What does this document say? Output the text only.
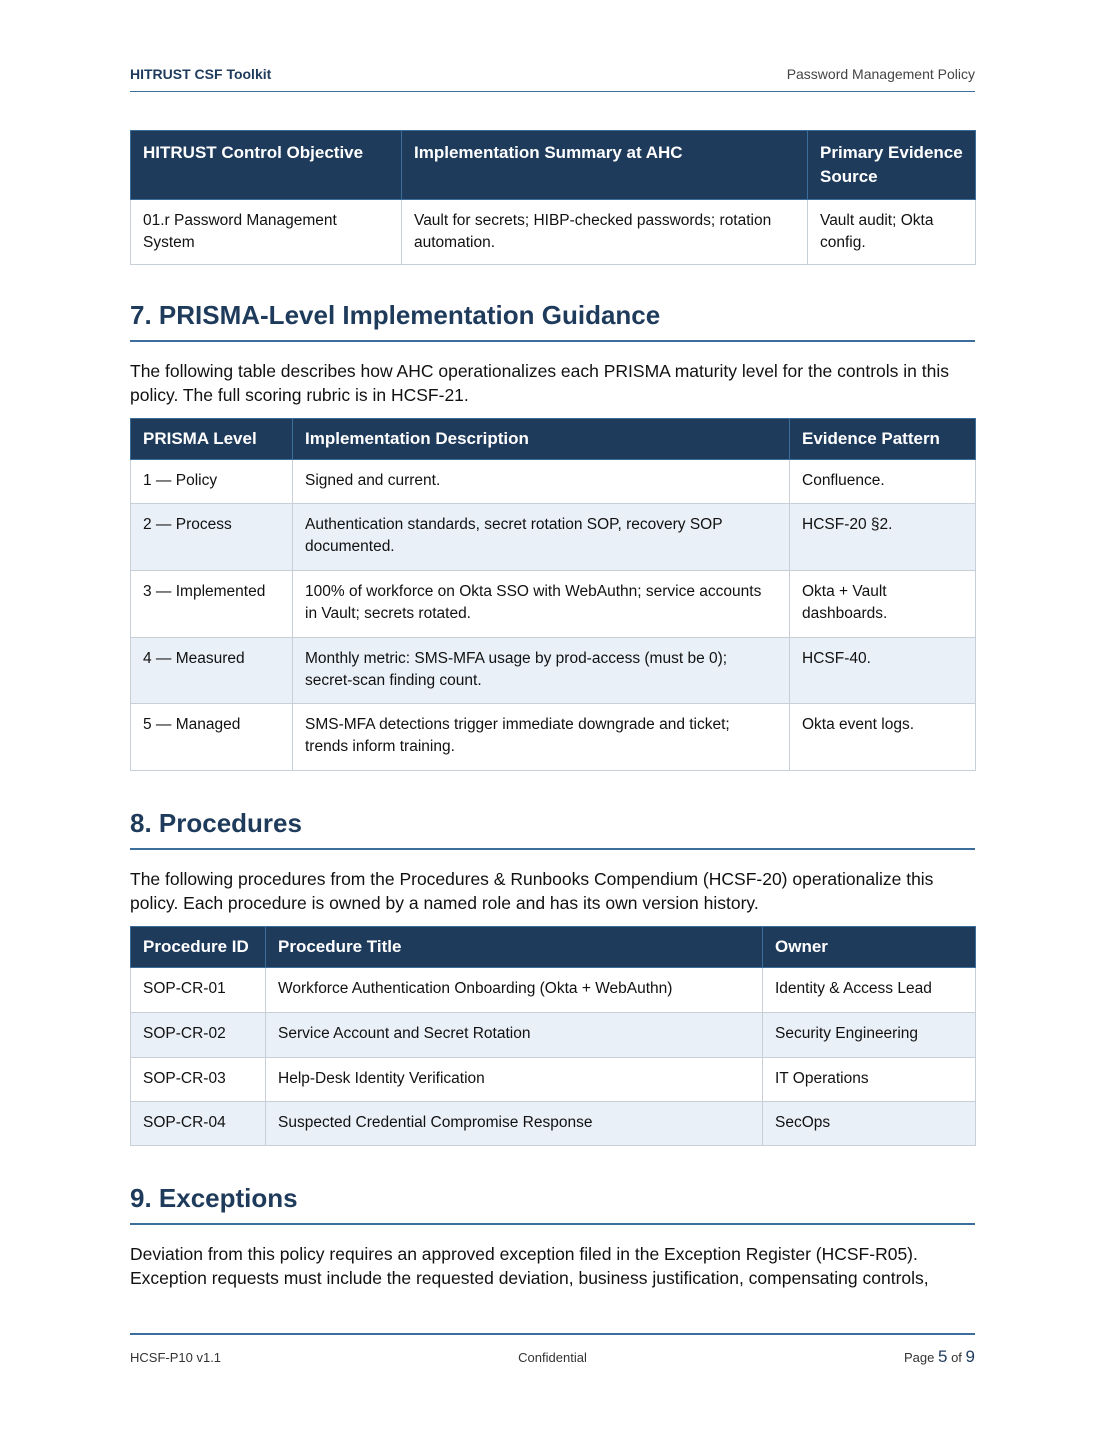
HITRUST CSF Toolkit	Password Management Policy
HITRUST Control Objective	Implementation Summary at AHC	Primary Evidence Source
01.r Password Management System	Vault for secrets; HIBP-checked passwords; rotation automation.	Vault audit; Okta config.
7. PRISMA-Level Implementation Guidance

The following table describes how AHC operationalizes each PRISMA maturity level for the controls in this policy. The full scoring rubric is in HCSF-21.

PRISMA Level	Implementation Description	Evidence Pattern
1 — Policy	Signed and current.	Confluence.
2 — Process	Authentication standards, secret rotation SOP, recovery SOP documented.	HCSF-20 §2.
3 — Implemented	100% of workforce on Okta SSO with WebAuthn; service accounts in Vault; secrets rotated.	Okta + Vault dashboards.
4 — Measured	Monthly metric: SMS-MFA usage by prod-access (must be 0); secret-scan finding count.	HCSF-40.
5 — Managed	SMS-MFA detections trigger immediate downgrade and ticket; trends inform training.	Okta event logs.
8. Procedures

The following procedures from the Procedures & Runbooks Compendium (HCSF-20) operationalize this policy. Each procedure is owned by a named role and has its own version history.

Procedure ID	Procedure Title	Owner
SOP-CR-01	Workforce Authentication Onboarding (Okta + WebAuthn)	Identity & Access Lead
SOP-CR-02	Service Account and Secret Rotation	Security Engineering
SOP-CR-03	Help-Desk Identity Verification	IT Operations
SOP-CR-04	Suspected Credential Compromise Response	SecOps
9. Exceptions

Deviation from this policy requires an approved exception filed in the Exception Register (HCSF-R05). Exception requests must include the requested deviation, business justification, compensating controls,

HCSF-P10 v1.1	Confidential	Page 5 of 9
